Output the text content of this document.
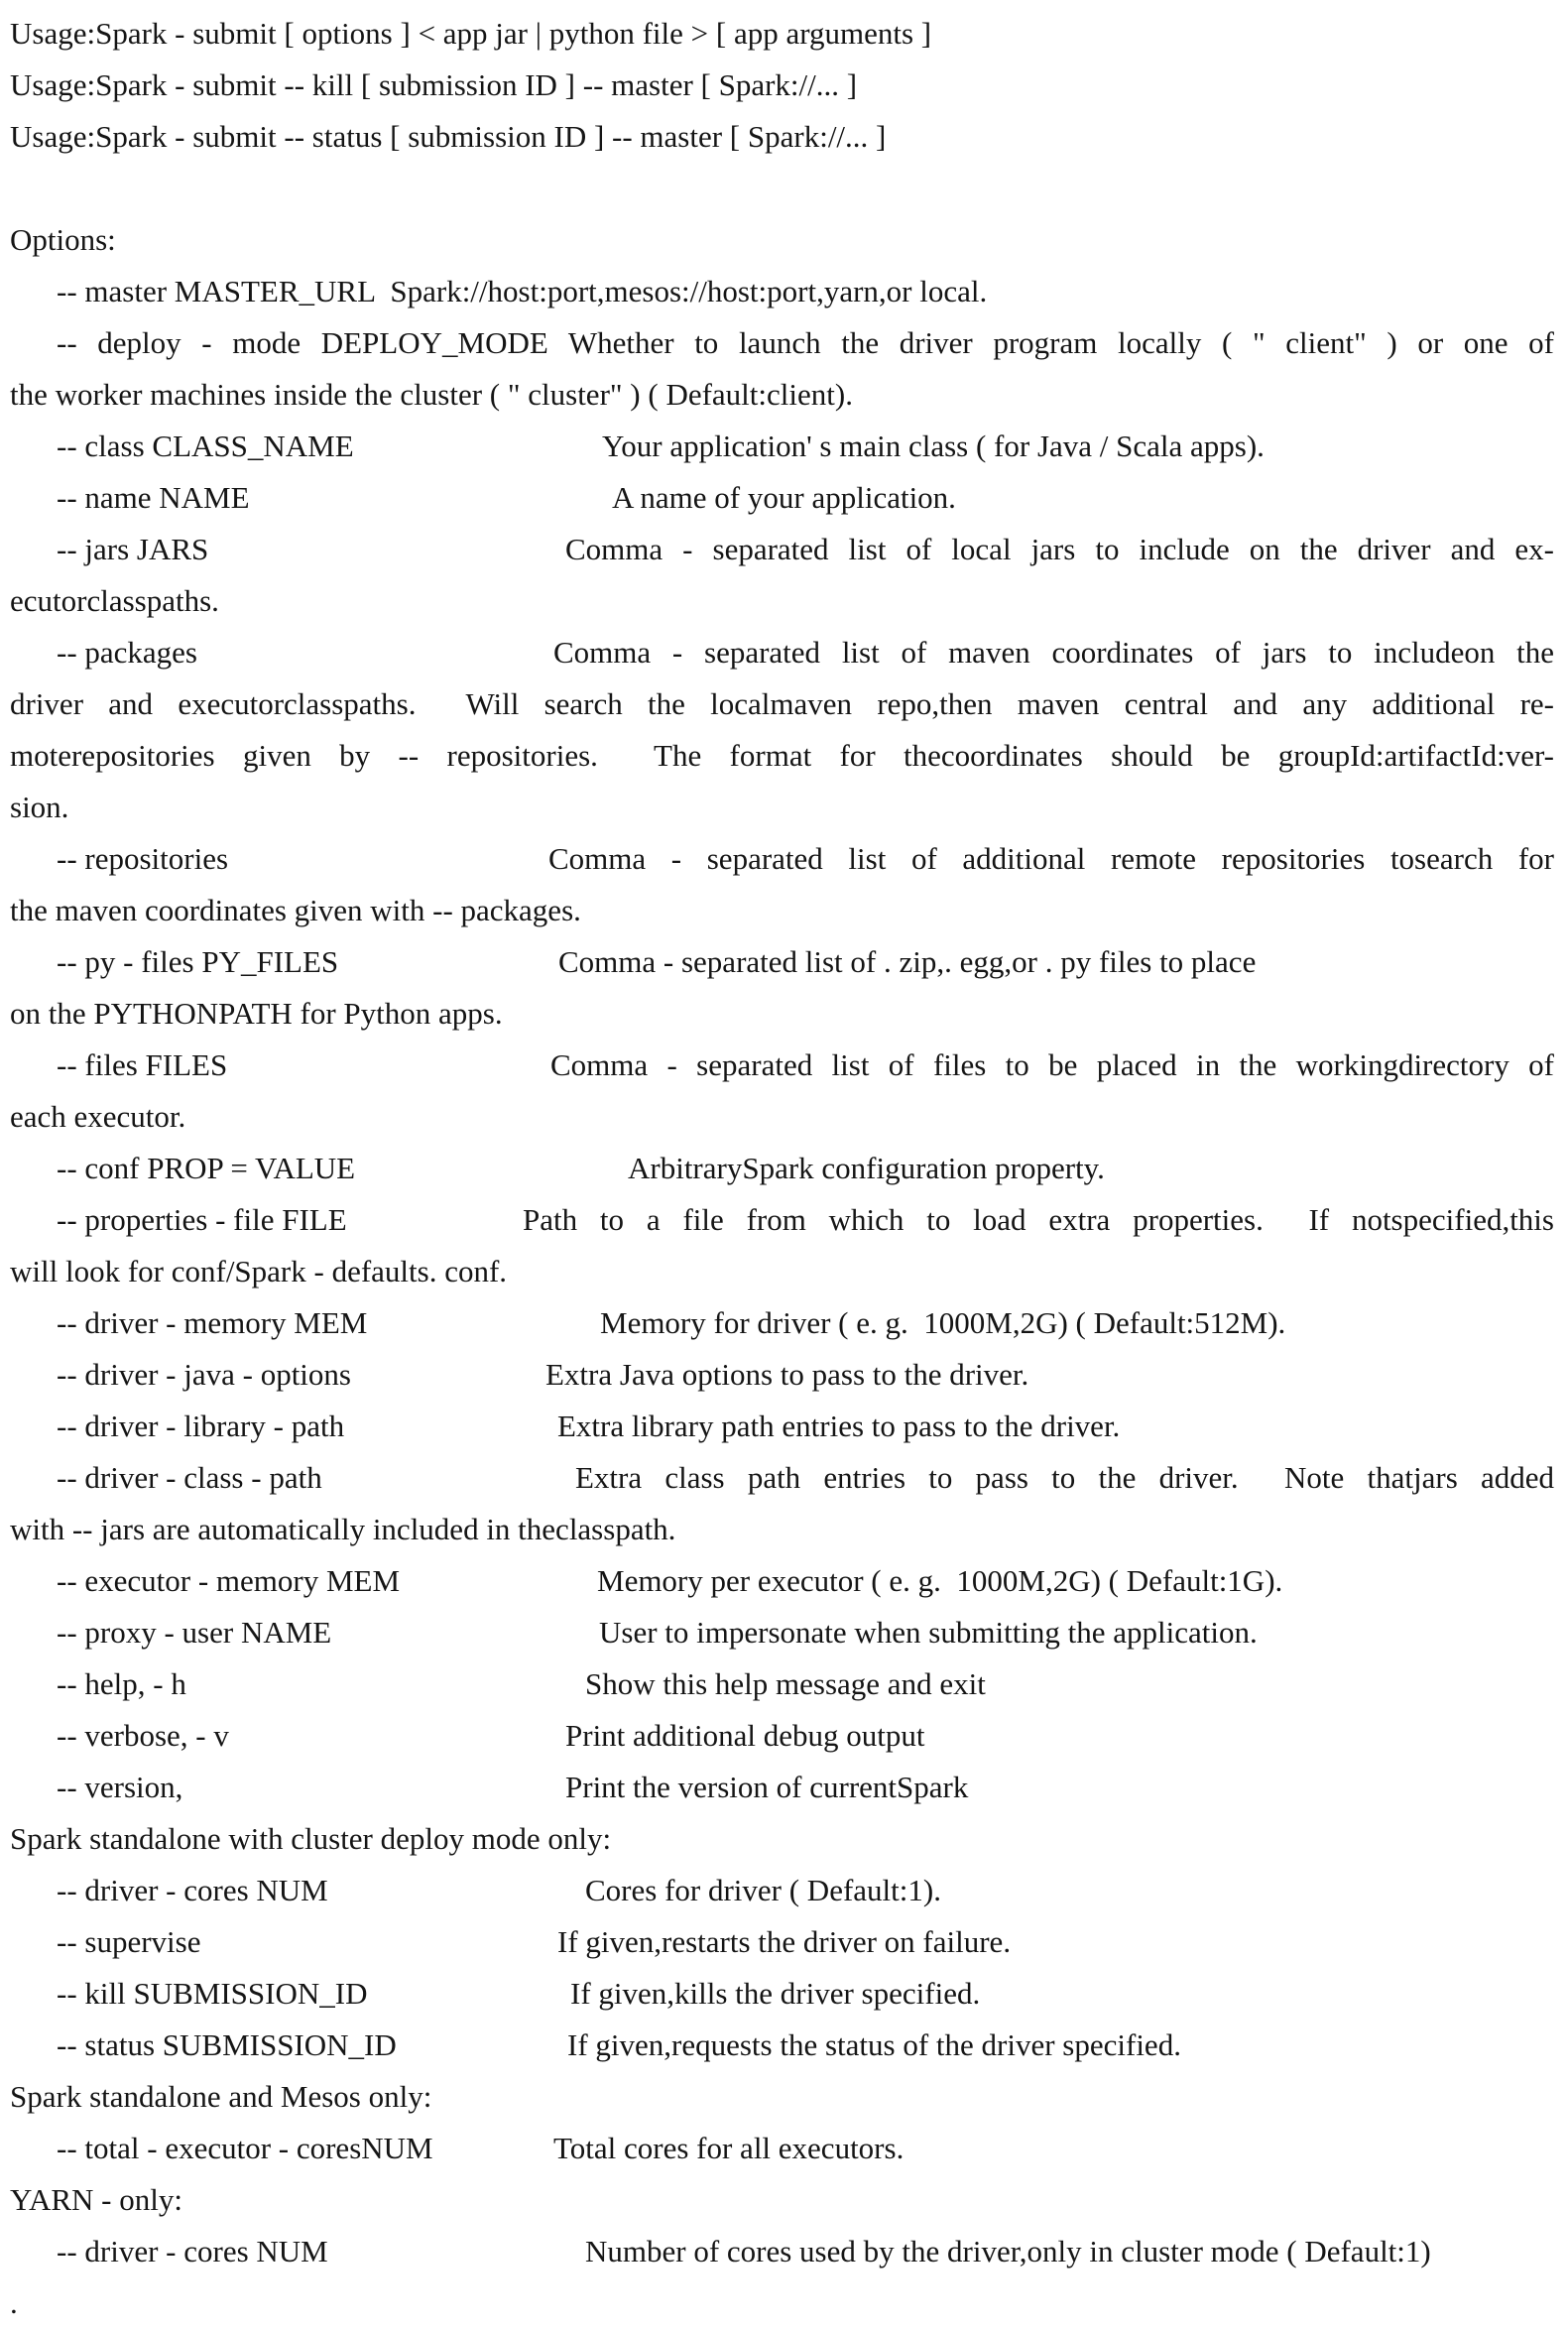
Usage:Spark - submit [ options ] < app jar | python file > [ app arguments ]
Usage:Spark - submit -- kill [ submission ID ] -- master [ Spark://... ]
Usage:Spark - submit -- status [ submission ID ] -- master [ Spark://... ]
Options:
-- master MASTER_URL  Spark://host:port,mesos://host:port,yarn,or local.
-- deploy - mode DEPLOY_MODE Whether to launch the driver program locally ( " client" ) or one of
the worker machines inside the cluster ( " cluster" ) ( Default:client).
-- class CLASS_NAME	Your application' s main class ( for Java / Scala apps).
-- name NAME	A name of your application.
-- jars JARS	Comma - separated list of local jars to include on the driver and ex-
ecutorclasspaths.
-- packages	Comma - separated list of maven coordinates of jars to includeon the
driver and executorclasspaths.  Will search the localmaven repo,then maven central and any additional re-
moterepositories given by -- repositories.  The format for thecoordinates should be groupId:artifactId:ver-
sion.
-- repositories	Comma - separated list of additional remote repositories tosearch for
the maven coordinates given with -- packages.
-- py - files PY_FILES	Comma - separated list of . zip,. egg,or . py files to place
on the PYTHONPATH for Python apps.
-- files FILES	Comma - separated list of files to be placed in the workingdirectory of
each executor.
-- conf PROP = VALUE	ArbitrarySpark configuration property.
-- properties - file FILE	Path to a file from which to load extra properties.  If notspecified,this
will look for conf/Spark - defaults. conf.
-- driver - memory MEM	Memory for driver ( e. g.  1000M,2G) ( Default:512M).
-- driver - java - options	Extra Java options to pass to the driver.
-- driver - library - path	Extra library path entries to pass to the driver.
-- driver - class - path	Extra class path entries to pass to the driver.  Note thatjars added
with -- jars are automatically included in theclasspath.
-- executor - memory MEM	Memory per executor ( e. g.  1000M,2G) ( Default:1G).
-- proxy - user NAME	User to impersonate when submitting the application.
-- help, - h	Show this help message and exit
-- verbose, - v	Print additional debug output
-- version,	Print the version of currentSpark
Spark standalone with cluster deploy mode only:
-- driver - cores NUM	Cores for driver ( Default:1).
-- supervise	If given,restarts the driver on failure.
-- kill SUBMISSION_ID	If given,kills the driver specified.
-- status SUBMISSION_ID	If given,requests the status of the driver specified.
Spark standalone and Mesos only:
-- total - executor - coresNUM	Total cores for all executors.
YARN - only:
-- driver - cores NUM	Number of cores used by the driver,only in cluster mode ( Default:1)
.
